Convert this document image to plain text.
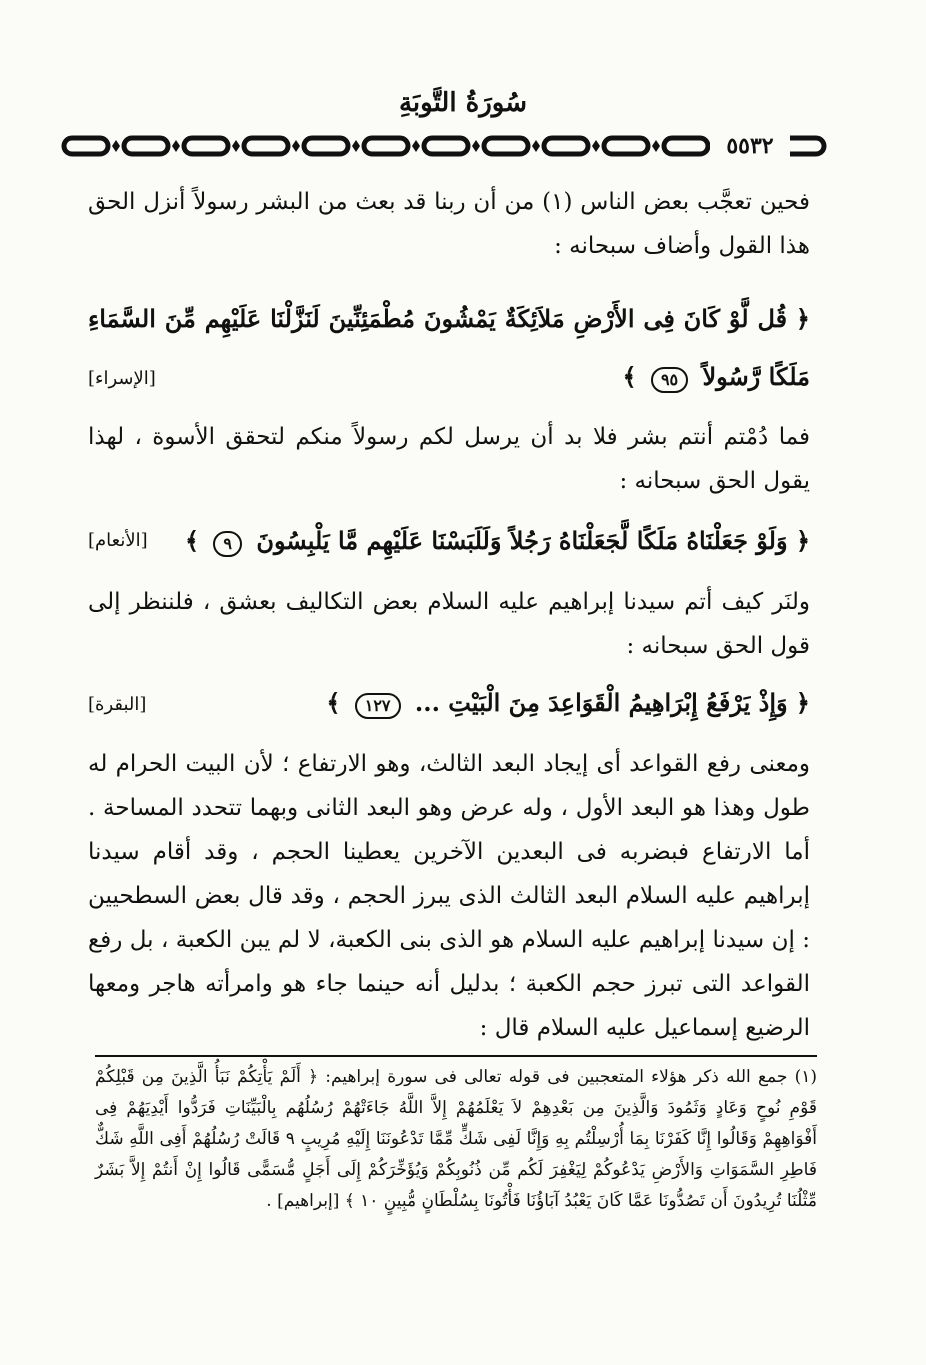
سُورَةُ التَّوبَةِ
٥٥٣٢
فحين تعجَّب بعض الناس (١) من أن ربنا قد بعث من البشر رسولاً أنزل الحق هذا القول وأضاف سبحانه :
﴿ قُل لَّوْ كَانَ فِى الأَرْضِ مَلاَئِكَةٌ يَمْشُونَ مُطْمَئِنِّينَ لَنَزَّلْنَا عَلَيْهِم مِّنَ السَّمَاءِ مَلَكًا رَّسُولاً ٩٥ ﴾
[الإسراء]
فما دُمْتم أنتم بشر فلا بد أن يرسل لكم رسولاً منكم لتحقق الأسوة ، لهذا يقول الحق سبحانه :
﴿ وَلَوْ جَعَلْنَاهُ مَلَكًا لَّجَعَلْنَاهُ رَجُلاً وَلَلَبَسْنَا عَلَيْهِم مَّا يَلْبِسُونَ ٩ ﴾
[الأنعام]
ولنَر كيف أتم سيدنا إبراهيم عليه السلام بعض التكاليف بعشق ، فلننظر إلى قول الحق سبحانه :
﴿ وَإِذْ يَرْفَعُ إِبْرَاهِيمُ الْقَوَاعِدَ مِنَ الْبَيْتِ ... ١٢٧ ﴾
[البقرة]
ومعنى رفع القواعد أى إيجاد البعد الثالث، وهو الارتفاع ؛ لأن البيت الحرام له طول وهذا هو البعد الأول ، وله عرض وهو البعد الثانى وبهما تتحدد المساحة . أما الارتفاع فبضربه فى البعدين الآخرين يعطينا الحجم ، وقد أقام سيدنا إبراهيم عليه السلام البعد الثالث الذى يبرز الحجم ، وقد قال بعض السطحيين : إن سيدنا إبراهيم عليه السلام هو الذى بنى الكعبة، لا لم يبن الكعبة ، بل رفع القواعد التى تبرز حجم الكعبة ؛ بدليل أنه حينما جاء هو وامرأته هاجر ومعها الرضيع إسماعيل عليه السلام قال :
(١) جمع الله ذكر هؤلاء المتعجبين فى قوله تعالى فى سورة إبراهيم: ﴿ أَلَمْ يَأْتِكُمْ نَبَأُ الَّذِينَ مِن قَبْلِكُمْ قَوْمِ نُوحٍ وَعَادٍ وَثَمُودَ وَالَّذِينَ مِن بَعْدِهِمْ لاَ يَعْلَمُهُمْ إِلاَّ اللَّهُ جَاءَتْهُمْ رُسُلُهُم بِالْبَيِّنَاتِ فَرَدُّوا أَيْدِيَهُمْ فِى أَفْوَاهِهِمْ وَقَالُوا إِنَّا كَفَرْنَا بِمَا أُرْسِلْتُم بِهِ وَإِنَّا لَفِى شَكٍّ مِّمَّا تَدْعُونَنَا إِلَيْهِ مُرِيبٍ ٩ قَالَتْ رُسُلُهُمْ أَفِى اللَّهِ شَكٌّ فَاطِرِ السَّمَوَاتِ وَالأَرْضِ يَدْعُوكُمْ لِيَغْفِرَ لَكُم مِّن ذُنُوبِكُمْ وَيُؤَخِّرَكُمْ إِلَى أَجَلٍ مُّسَمًّى قَالُوا إِنْ أَنتُمْ إِلاَّ بَشَرٌ مِّثْلُنَا تُرِيدُونَ أَن تَصُدُّونَا عَمَّا كَانَ يَعْبُدُ آبَاؤُنَا فَأْتُونَا بِسُلْطَانٍ مُّبِينٍ ١٠ ﴾ [إبراهيم] .
